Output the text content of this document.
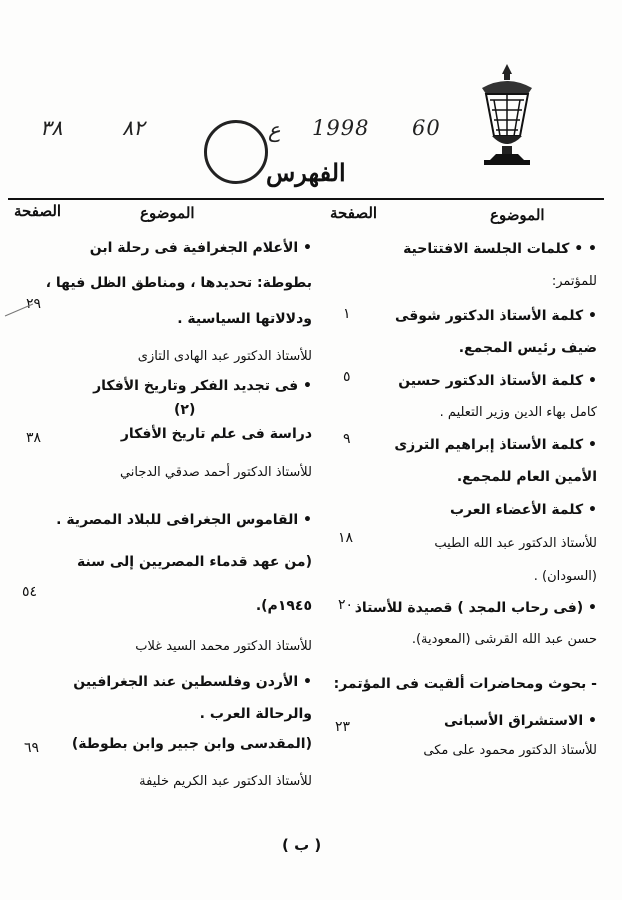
٣٨	٨٢	ع 1998 60
الفهرس
الموضوع
الصفحة
الموضوع
الصفحة
• • كلمات الجلسة الافتتاحية
للمؤتمر:
• كلمة الأستاذ الدكتور شوقى
ضيف رئيس المجمع.
• كلمة الأستاذ الدكتور حسين
كامل بهاء الدين وزير التعليم .
• كلمة الأستاذ إبراهيم الترزى
الأمين العام للمجمع.
• كلمة الأعضاء العرب
للأستاذ الدكتور عبد الله الطيب
(السودان) .
• (فى رحاب المجد ) قصيدة للأستاذ
حسن عبد الله القرشى (المعودية).
- بحوث ومحاضرات ألقيت فى المؤتمر:
• الاستشراق الأسبانى
للأستاذ الدكتور محمود على مكى
١
٥
٩
١٨
٢٠
٢٣
• الأعلام الجغرافية فى رحلة ابن
بطوطة: تحديدها ، ومناطق الظل فيها ،
ودلالاتها السياسية .
للأستاذ الدكتور عبد الهادى التازى
• فى تجديد الفكر وتاريخ الأفكار
(٢)
دراسة فى علم تاريخ الأفكار
للأستاذ الدكتور أحمد صدقي الدجاني
• القاموس الجغرافى للبلاد المصرية .
(من عهد قدماء المصريين إلى سنة
١٩٤٥م).
للأستاذ الدكتور محمد السيد غلاب
• الأردن وفلسطين عند الجغرافيين
والرحالة العرب .
(المقدسى وابن جبير وابن بطوطة)
للأستاذ الدكتور عبد الكريم خليفة
٢٩
٣٨
٥٤
٦٩
( ب )
